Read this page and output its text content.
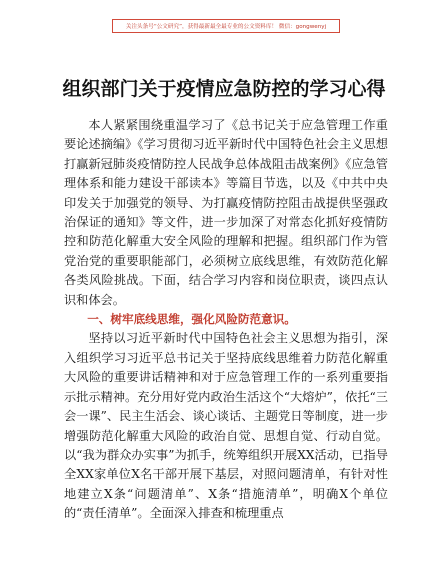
关注头条号“公文研究”，获得最新最全最专业的公文资料库！ 微信：gongwenyj
组织部门关于疫情应急防控的学习心得

本人紧紧围绕重温学习了《总书记关于应急管理工作重要论述摘编》《学习贯彻习近平新时代中国特色社会主义思想打赢新冠肺炎疫情防控人民战争总体战阻击战案例》《应急管理体系和能力建设干部读本》等篇目节选，以及《中共中央印发关于加强党的领导、为打赢疫情防控阻击战提供坚强政治保证的通知》等文件，进一步加深了对常态化抓好疫情防控和防范化解重大安全风险的理解和把握。组织部门作为管党治党的重要职能部门，必须树立底线思维，有效防范化解各类风险挑战。下面，结合学习内容和岗位职责，谈四点认识和体会。

一、树牢底线思维，强化风险防范意识。

坚持以习近平新时代中国特色社会主义思想为指引，深入组织学习习近平总书记关于坚持底线思维着力防范化解重大风险的重要讲话精神和对于应急管理工作的一系列重要指示批示精神。充分用好党内政治生活这个“大熔炉”，依托“三会一课”、民主生活会、谈心谈话、主题党日等制度，进一步增强防范化解重大风险的政治自觉、思想自觉、行动自觉。以“我为群众办实事”为抓手，统筹组织开展XX活动，已指导全XX家单位X名干部开展下基层，对照问题清单，有针对性地建立X条“问题清单”、X条“措施清单”，明确X个单位的“责任清单”。全面深入排查和梳理重点
